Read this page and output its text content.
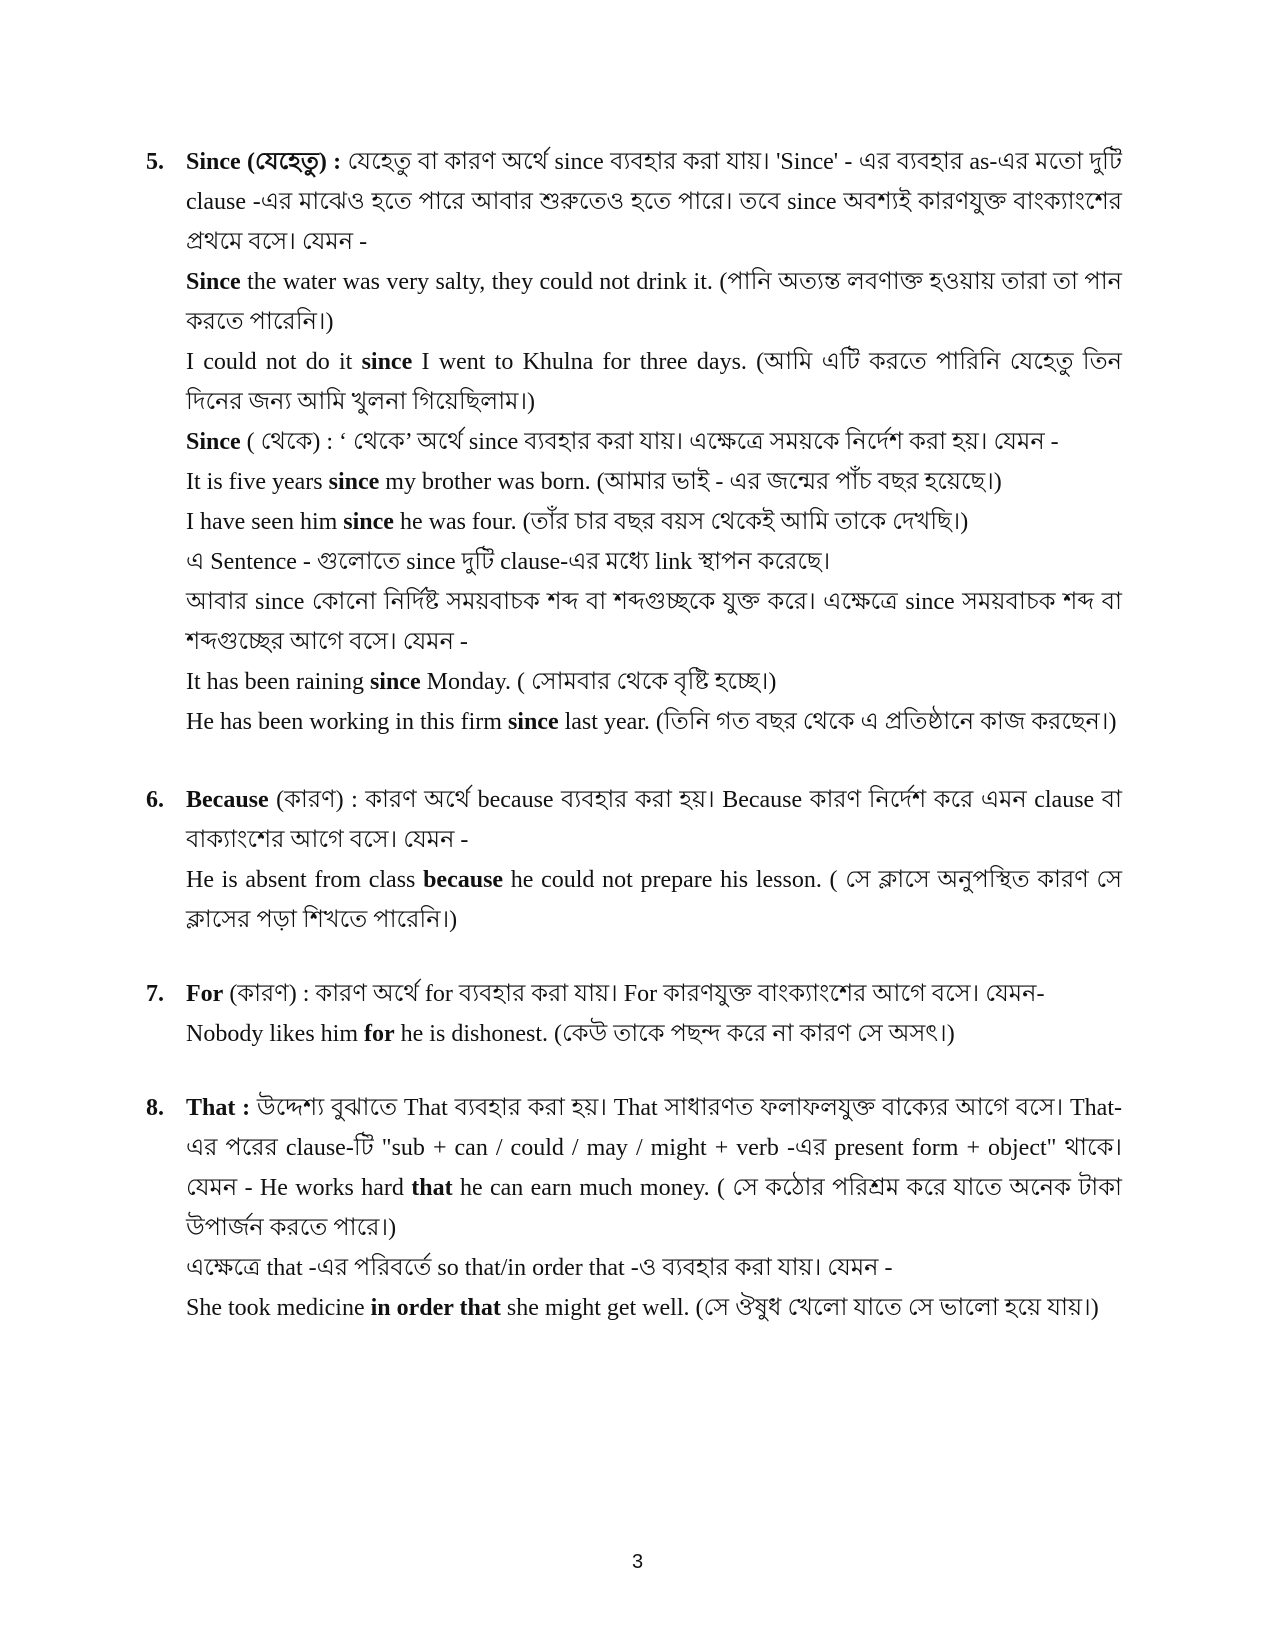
5. Since (যেহেতু) : যেহেতু বা কারণ অর্থে since ব্যবহার করা যায়। 'Since' - এর ব্যবহার as-এর মতো দুটি clause -এর মাঝেও হতে পারে আবার শুরুতেও হতে পারে। তবে since অবশ্যই কারণযুক্ত বাংক্যাংশের প্রথমে বসে। যেমন -

Since the water was very salty, they could not drink it. (পানি অত্যন্ত লবণাক্ত হওয়ায় তারা তা পান করতে পারেনি।)

I could not do it since I went to Khulna for three days. (আমি এটি করতে পারিনি যেহেতু তিন দিনের জন্য আমি খুলনা গিয়েছিলাম।)

Since ( থেকে) : ‘ থেকে’ অর্থে since ব্যবহার করা যায়। এক্ষেত্রে সময়কে নির্দেশ করা হয়। যেমন -

It is five years since my brother was born. (আমার ভাই - এর জন্মের পাঁচ বছর হয়েছে।)

I have seen him since he was four. (তাঁর চার বছর বয়স থেকেই আমি তাকে দেখছি।)

এ Sentence - গুলোতে since দুটি clause-এর মধ্যে link স্থাপন করেছে।

আবার since কোনো নির্দিষ্ট সময়বাচক শব্দ বা শব্দগুচ্ছকে যুক্ত করে। এক্ষেত্রে since সময়বাচক শব্দ বা শব্দগুচ্ছের আগে বসে। যেমন -

It has been raining since Monday. ( সোমবার থেকে বৃষ্টি হচ্ছে।)

He has been working in this firm since last year. (তিনি গত বছর থেকে এ প্রতিষ্ঠানে কাজ করছেন।)

6. Because (কারণ) : কারণ অর্থে because ব্যবহার করা হয়। Because কারণ নির্দেশ করে এমন clause বা বাক্যাংশের আগে বসে। যেমন -

He is absent from class because he could not prepare his lesson. ( সে ক্লাসে অনুপস্থিত কারণ সে ক্লাসের পড়া শিখতে পারেনি।)

7. For (কারণ) : কারণ অর্থে for ব্যবহার করা যায়। For কারণযুক্ত বাংক্যাংশের আগে বসে। যেমন-

Nobody likes him for he is dishonest. (কেউ তাকে পছন্দ করে না কারণ সে অসৎ।)

8. That : উদ্দেশ্য বুঝাতে That ব্যবহার করা হয়। That সাধারণত ফলাফলযুক্ত বাক্যের আগে বসে। That-এর পরের clause-টি "sub + can / could / may / might + verb -এর present form + object" থাকে। যেমন - He works hard that he can earn much money. ( সে কঠোর পরিশ্রম করে যাতে অনেক টাকা উপার্জন করতে পারে।)

এক্ষেত্রে that -এর পরিবর্তে so that/in order that -ও ব্যবহার করা যায়। যেমন -

She took medicine in order that she might get well. (সে ঔষুধ খেলো যাতে সে ভালো হয়ে যায়।)

3
